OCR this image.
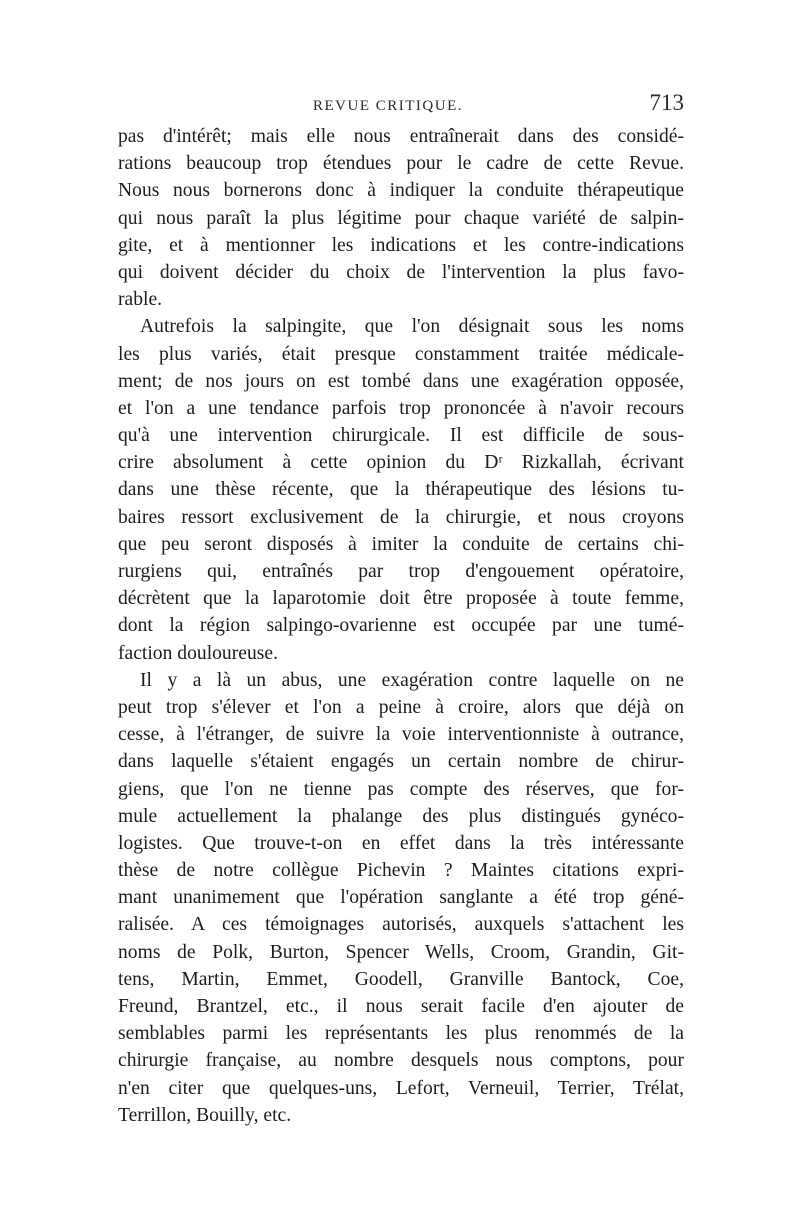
REVUE CRITIQUE.	713
pas d'intérêt; mais elle nous entraînerait dans des considé-
rations beaucoup trop étendues pour le cadre de cette Revue.
Nous nous bornerons donc à indiquer la conduite thérapeutique
qui nous paraît la plus légitime pour chaque variété de salpin-
gite, et à mentionner les indications et les contre-indications
qui doivent décider du choix de l'intervention la plus favo-
rable.
Autrefois la salpingite, que l'on désignait sous les noms
les plus variés, était presque constamment traitée médicale-
ment; de nos jours on est tombé dans une exagération opposée,
et l'on a une tendance parfois trop prononcée à n'avoir recours
qu'à une intervention chirurgicale. Il est difficile de sous-
crire absolument à cette opinion du Dʳ Rizkallah, écrivant
dans une thèse récente, que la thérapeutique des lésions tu-
baires ressort exclusivement de la chirurgie, et nous croyons
que peu seront disposés à imiter la conduite de certains chi-
rurgiens qui, entraînés par trop d'engouement opératoire,
décrètent que la laparotomie doit être proposée à toute femme,
dont la région salpingo-ovarienne est occupée par une tumé-
faction douloureuse.
Il y a là un abus, une exagération contre laquelle on ne
peut trop s'élever et l'on a peine à croire, alors que déjà on
cesse, à l'étranger, de suivre la voie interventionniste à outrance,
dans laquelle s'étaient engagés un certain nombre de chirur-
giens, que l'on ne tienne pas compte des réserves, que for-
mule actuellement la phalange des plus distingués gynéco-
logistes. Que trouve-t-on en effet dans la très intéressante
thèse de notre collègue Pichevin ? Maintes citations expri-
mant unanimement que l'opération sanglante a été trop géné-
ralisée. A ces témoignages autorisés, auxquels s'attachent les
noms de Polk, Burton, Spencer Wells, Croom, Grandin, Git-
tens, Martin, Emmet, Goodell, Granville Bantock, Coe,
Freund, Brantzel, etc., il nous serait facile d'en ajouter de
semblables parmi les représentants les plus renommés de la
chirurgie française, au nombre desquels nous comptons, pour
n'en citer que quelques-uns, Lefort, Verneuil, Terrier, Trélat,
Terrillon, Bouilly, etc.
